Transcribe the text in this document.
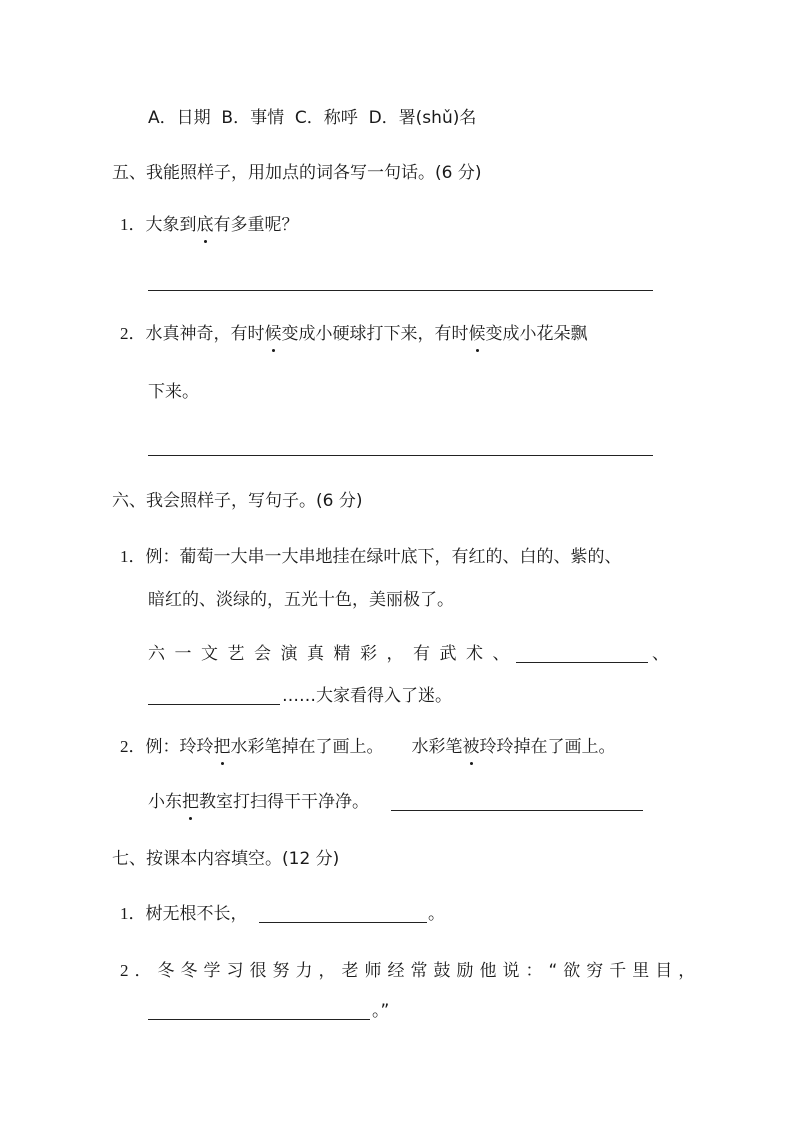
A．日期  B．事情  C．称呼  D．署(shǔ)名
五、我能照样子，用加点的词各写一句话。(6 分)
1．大象到底有多重呢？
2．水真神奇，有时候变成小硬球打下来，有时候变成小花朵飘
下来。
六、我会照样子，写句子。(6 分)
1．例：葡萄一大串一大串地挂在绿叶底下，有红的、白的、紫的、
暗红的、淡绿的，五光十色，美丽极了。
六一文艺会演真精彩，有武术、	、
……大家看得入了迷。
2．例：玲玲把水彩笔掉在了画上。 水彩笔被玲玲掉在了画上。
小东把教室打扫得干干净净。
七、按课本内容填空。(12 分)
1．树无根不长，	。
2．冬冬学习很努力，老师经常鼓励他说：“欲穷千里目，
。”
